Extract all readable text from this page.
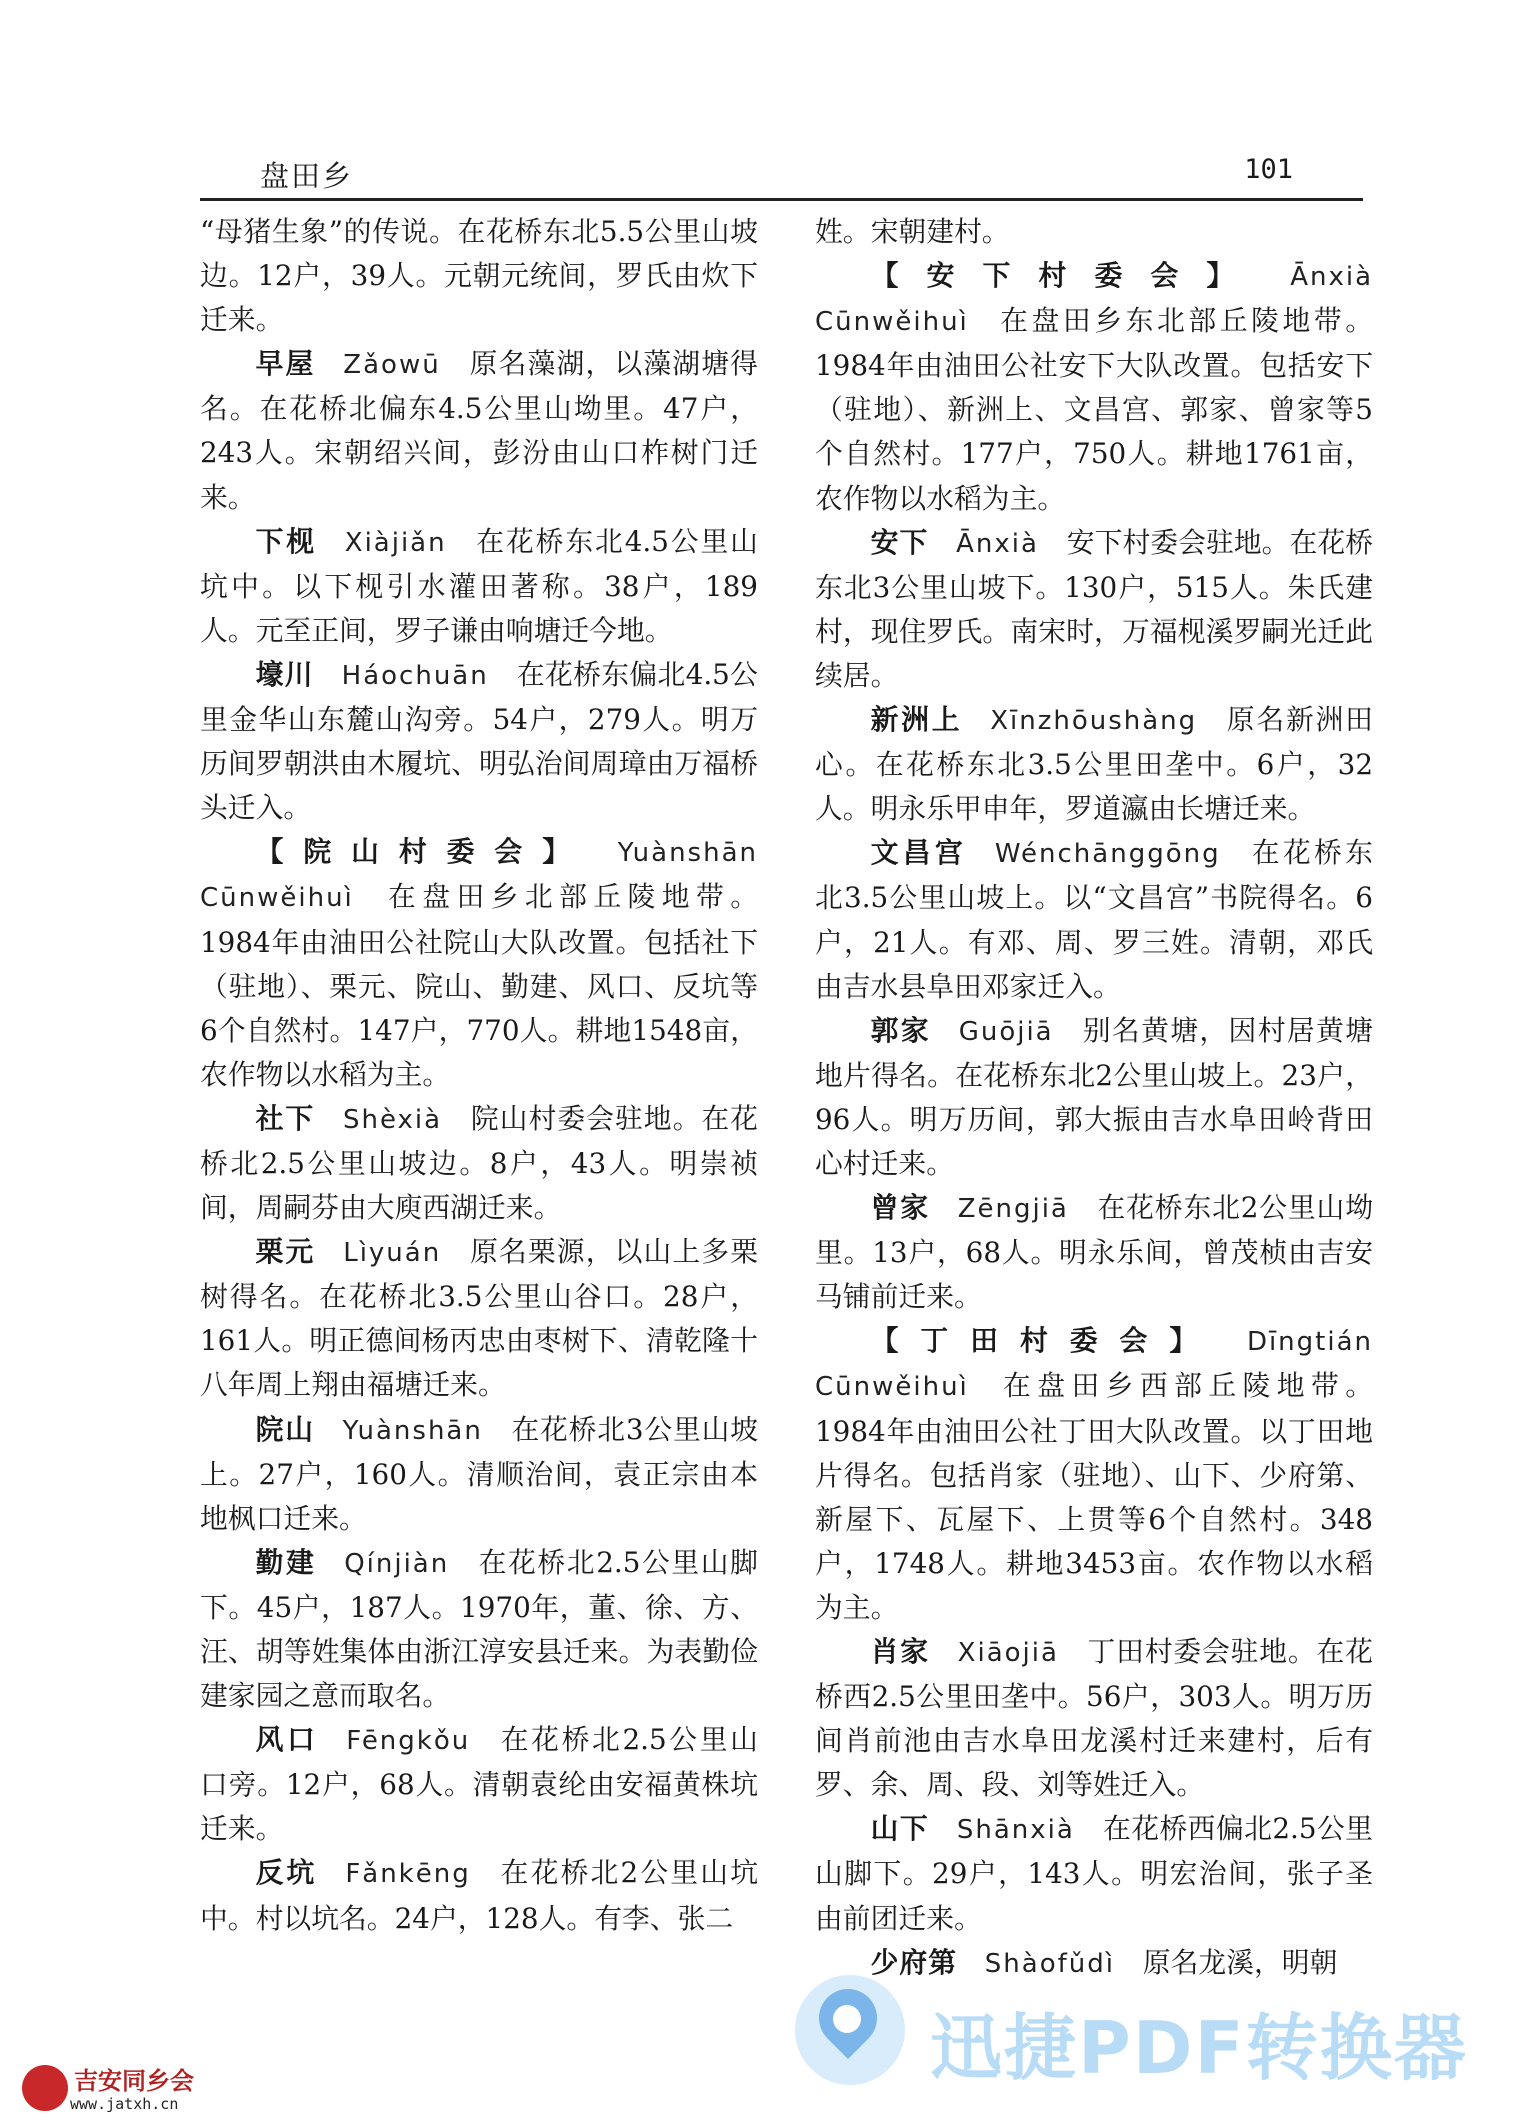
盘田乡	101

“母猪生象”的传说。在花桥东北5.5公里山坡边。12户，39人。元朝元统间，罗氏由炊下迁来。

早屋  Zǎowū  原名藻湖，以藻湖塘得名。在花桥北偏东4.5公里山坳里。47户，243人。宋朝绍兴间，彭汾由山口柞树门迁来。

下枧  Xiàjiǎn  在花桥东北4.5公里山坑中。以下枧引水灌田著称。38户，189人。元至正间，罗子谦由响塘迁今地。

壕川  Háochuān  在花桥东偏北4.5公里金华山东麓山沟旁。54户，279人。明万历间罗朝洪由木履坑、明弘治间周璋由万福桥头迁入。

【院山村委会】  Yuànshān Cūnwěihuì  在盘田乡北部丘陵地带。1984年由油田公社院山大队改置。包括社下（驻地）、栗元、院山、勤建、风口、反坑等6个自然村。147户，770人。耕地1548亩，农作物以水稻为主。

社下  Shèxià  院山村委会驻地。在花桥北2.5公里山坡边。8户，43人。明崇祯间，周嗣芬由大庾西湖迁来。

栗元  Lìyuán  原名栗源，以山上多栗树得名。在花桥北3.5公里山谷口。28户，161人。明正德间杨丙忠由枣树下、清乾隆十八年周上翔由福塘迁来。

院山  Yuànshān  在花桥北3公里山坡上。27户，160人。清顺治间，袁正宗由本地枫口迁来。

勤建  Qínjiàn  在花桥北2.5公里山脚下。45户，187人。1970年，董、徐、方、汪、胡等姓集体由浙江淳安县迁来。为表勤俭建家园之意而取名。

风口  Fēngkǒu  在花桥北2.5公里山口旁。12户，68人。清朝袁纶由安福黄株坑迁来。

反坑  Fǎnkēng  在花桥北2公里山坑中。村以坑名。24户，128人。有李、张二

姓。宋朝建村。

【安下村委会】  Ānxià Cūnwěihuì  在盘田乡东北部丘陵地带。1984年由油田公社安下大队改置。包括安下（驻地）、新洲上、文昌宫、郭家、曾家等5个自然村。177户，750人。耕地1761亩，农作物以水稻为主。

安下  Ānxià  安下村委会驻地。在花桥东北3公里山坡下。130户，515人。朱氏建村，现住罗氏。南宋时，万福枧溪罗嗣光迁此续居。

新洲上  Xīnzhōushàng  原名新洲田心。在花桥东北3.5公里田垄中。6户，32人。明永乐甲申年，罗道瀛由长塘迁来。

文昌宫  Wénchānggōng  在花桥东北3.5公里山坡上。以“文昌宫”书院得名。6户，21人。有邓、周、罗三姓。清朝，邓氏由吉水县阜田邓家迁入。

郭家  Guōjiā  别名黄塘，因村居黄塘地片得名。在花桥东北2公里山坡上。23户，96人。明万历间，郭大振由吉水阜田岭背田心村迁来。

曾家  Zēngjiā  在花桥东北2公里山坳里。13户，68人。明永乐间，曾茂桢由吉安马铺前迁来。

【丁田村委会】  Dīngtián Cūnwěihuì  在盘田乡西部丘陵地带。1984年由油田公社丁田大队改置。以丁田地片得名。包括肖家（驻地）、山下、少府第、新屋下、瓦屋下、上贯等6个自然村。348户，1748人。耕地3453亩。农作物以水稻为主。

肖家  Xiāojiā  丁田村委会驻地。在花桥西2.5公里田垄中。56户，303人。明万历间肖前池由吉水阜田龙溪村迁来建村，后有罗、余、周、段、刘等姓迁入。

山下  Shānxià  在花桥西偏北2.5公里山脚下。29户，143人。明宏治间，张子圣由前团迁来。

少府第  Shàofǔdì  原名龙溪，明朝

迅捷PDF转换器
吉安同乡会
www.jatxh.cn
